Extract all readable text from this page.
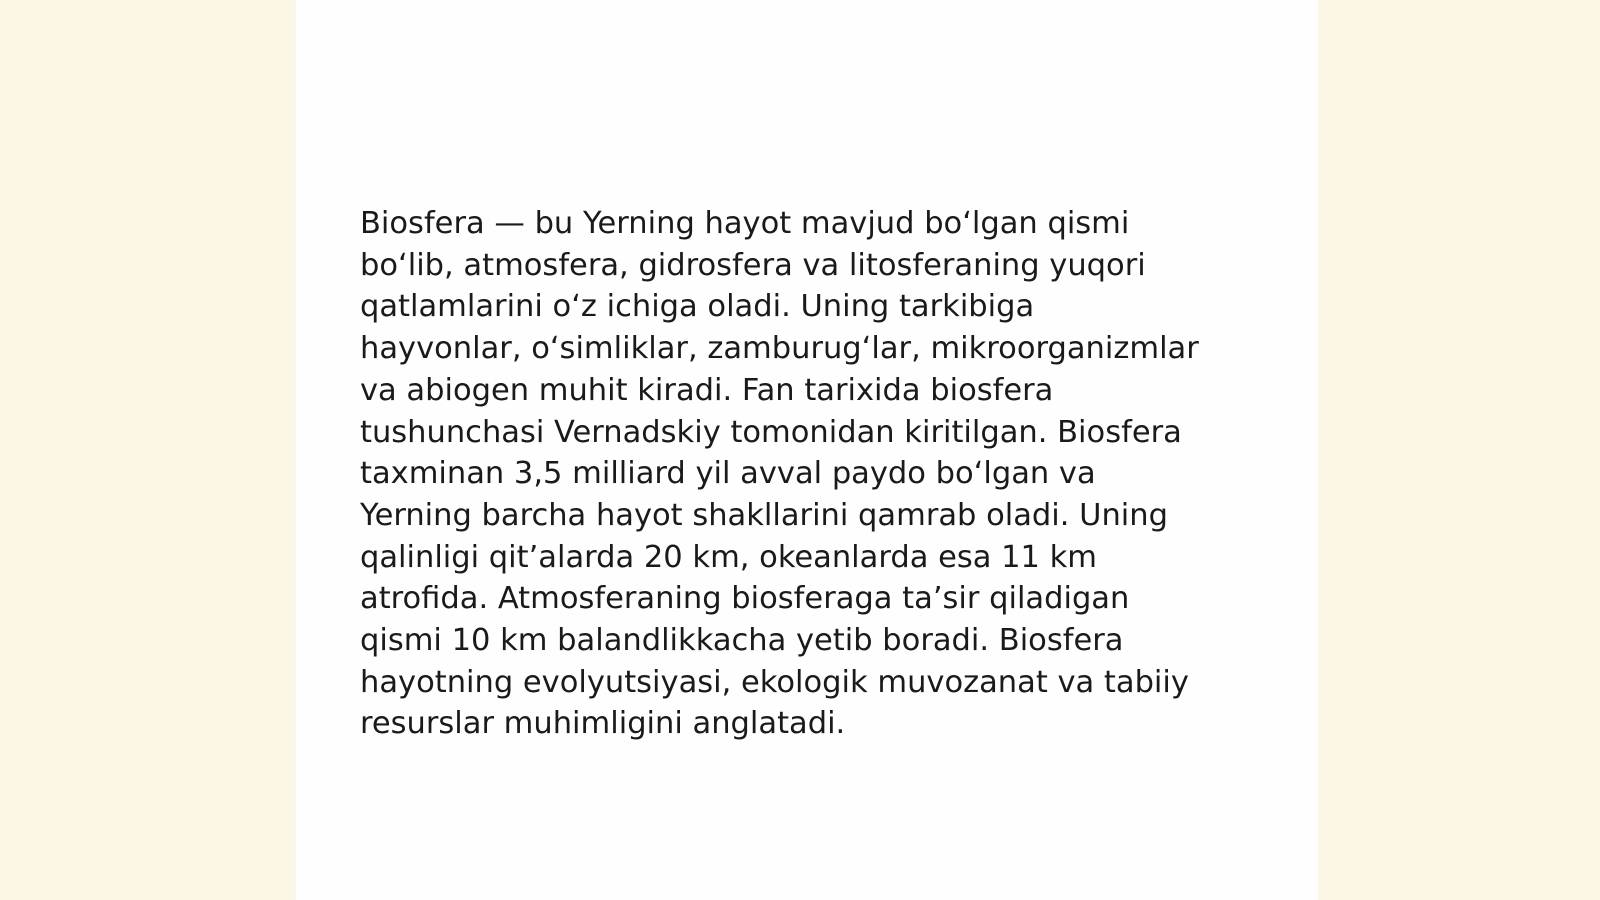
Biosfera — bu Yerning hayot mavjud boʻlgan qismi
boʻlib, atmosfera, gidrosfera va litosferaning yuqori
qatlamlarini oʻz ichiga oladi. Uning tarkibiga
hayvonlar, oʻsimliklar, zamburugʻlar, mikroorganizmlar
va abiogen muhit kiradi. Fan tarixida biosfera
tushunchasi Vernadskiy tomonidan kiritilgan. Biosfera
taxminan 3,5 milliard yil avval paydo boʻlgan va
Yerning barcha hayot shakllarini qamrab oladi. Uning
qalinligi qitʼalarda 20 km, okeanlarda esa 11 km
atrofida. Atmosferaning biosferaga taʼsir qiladigan
qismi 10 km balandlikkacha yetib boradi. Biosfera
hayotning evolyutsiyasi, ekologik muvozanat va tabiiy
resurslar muhimligini anglatadi.
